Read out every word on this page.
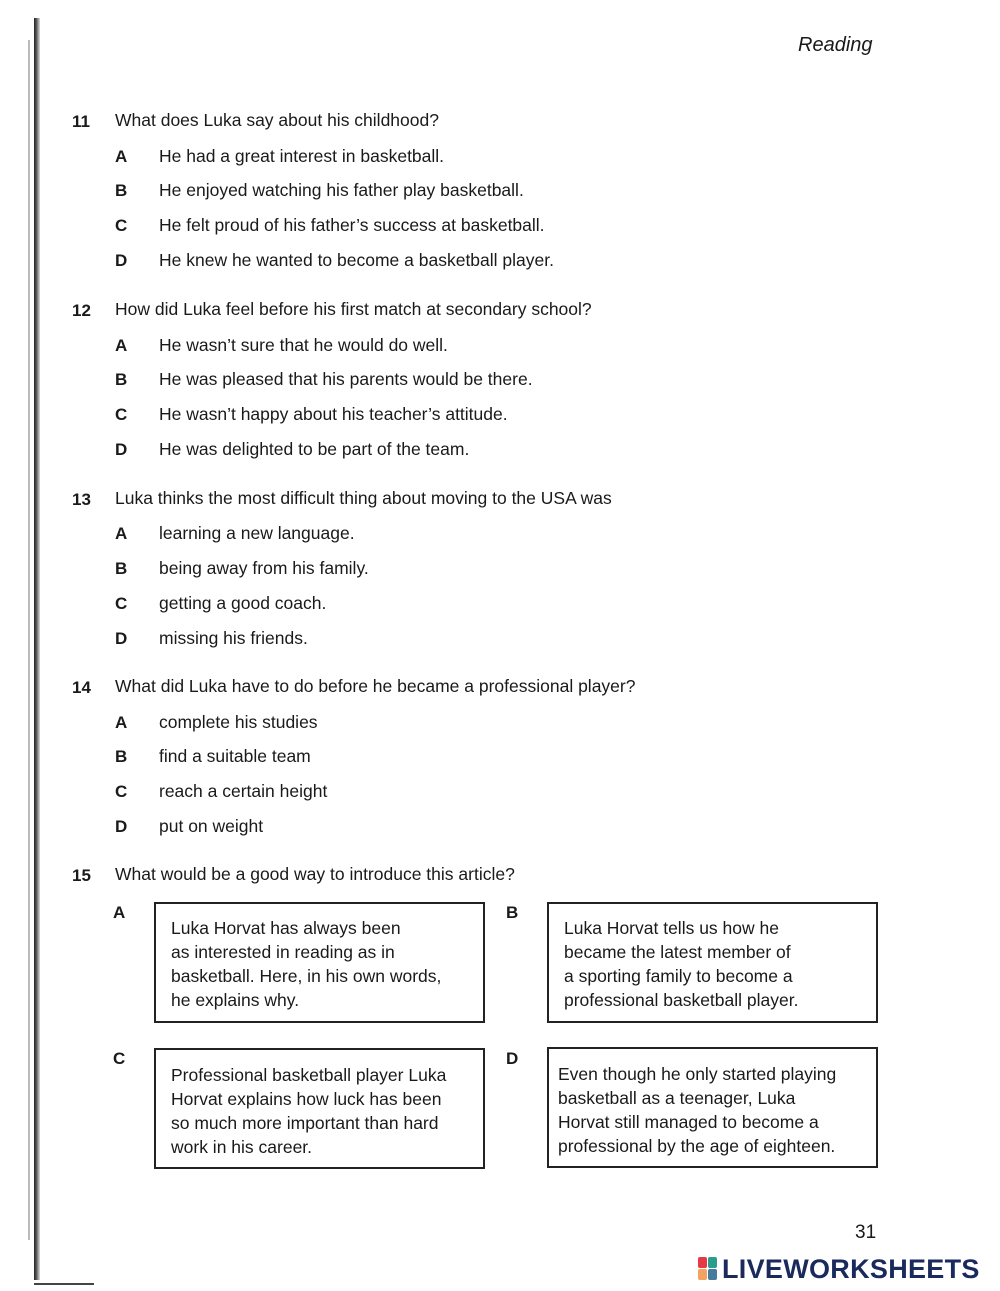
Reading
11 What does Luka say about his childhood?
A He had a great interest in basketball.
B He enjoyed watching his father play basketball.
C He felt proud of his father’s success at basketball.
D He knew he wanted to become a basketball player.
12 How did Luka feel before his first match at secondary school?
A He wasn’t sure that he would do well.
B He was pleased that his parents would be there.
C He wasn’t happy about his teacher’s attitude.
D He was delighted to be part of the team.
13 Luka thinks the most difficult thing about moving to the USA was
A learning a new language.
B being away from his family.
C getting a good coach.
D missing his friends.
14 What did Luka have to do before he became a professional player?
A complete his studies
B find a suitable team
C reach a certain height
D put on weight
15 What would be a good way to introduce this article?
A
Luka Horvat has always been
as interested in reading as in
basketball. Here, in his own words,
he explains why.
B
Luka Horvat tells us how he
became the latest member of
a sporting family to become a
professional basketball player.
C
Professional basketball player Luka
Horvat explains how luck has been
so much more important than hard
work in his career.
D
Even though he only started playing
basketball as a teenager, Luka
Horvat still managed to become a
professional by the age of eighteen.
31
LIVEWORKSHEETS
